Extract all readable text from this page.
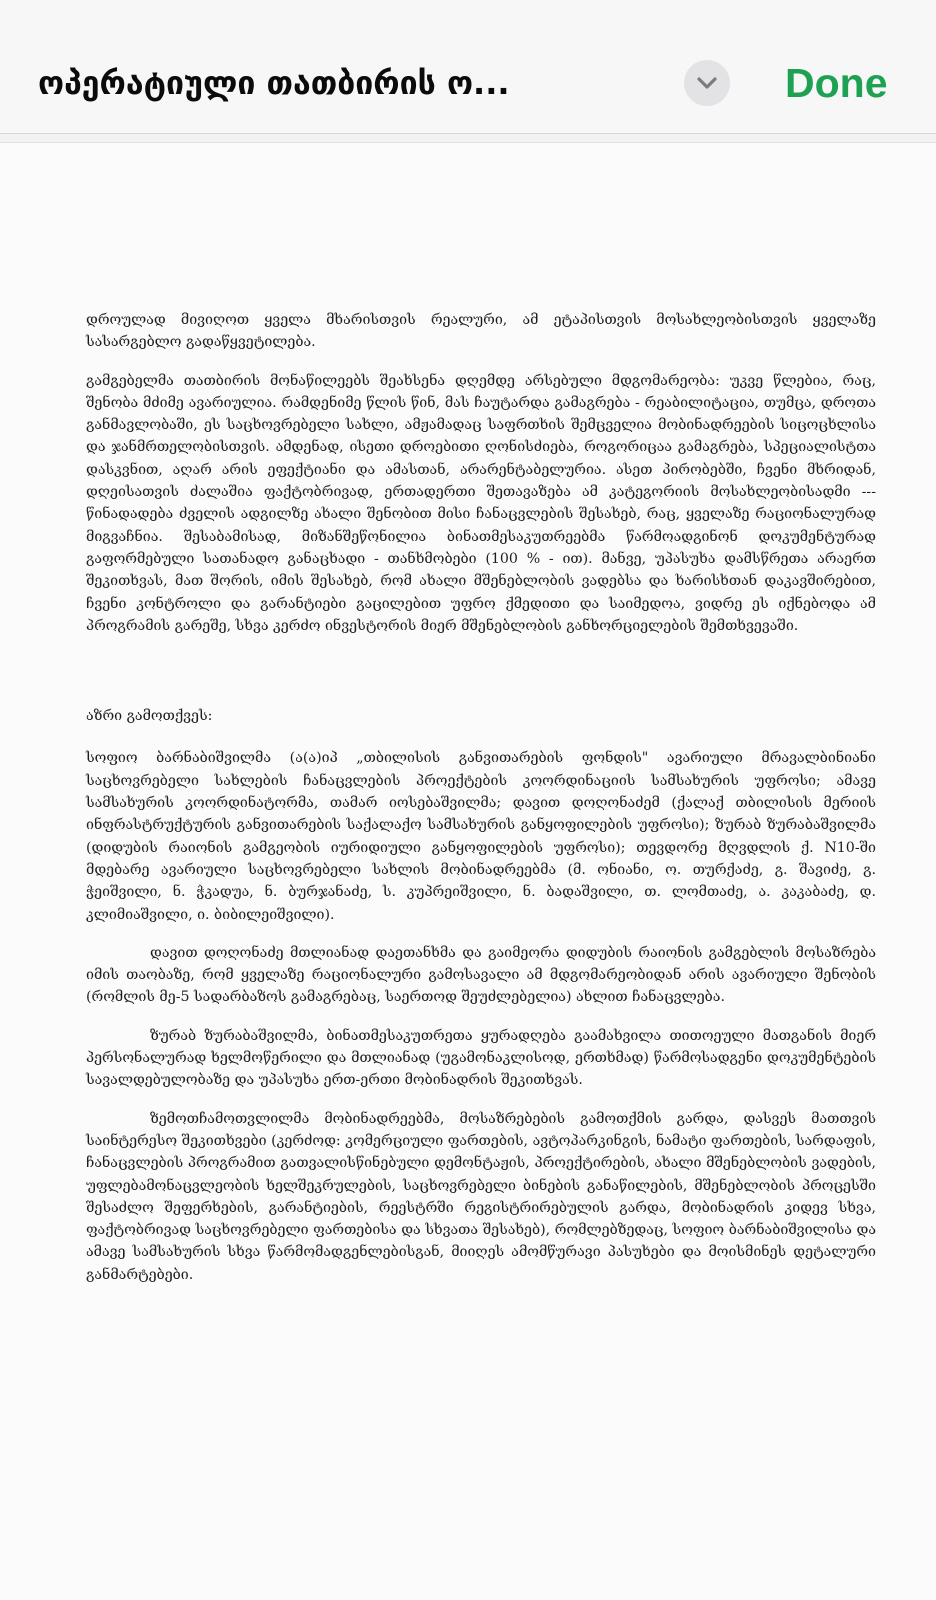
ოპერატიული თათბირის ო...	Done

დროულად მივიღოთ ყველა მხარისთვის რეალური, ამ ეტაპისთვის მოსახლეობისთვის ყველაზე სასარგებლო გადაწყვეტილება.

გამგებელმა თათბირის მონაწილეებს შეახსენა დღემდე არსებული მდგომარეობა: უკვე წლებია, რაც, შენობა მძიმე ავარიულია. რამდენიმე წლის წინ, მას ჩაუტარდა გამაგრება - რეაბილიტაცია, თუმცა, დროთა განმავლობაში, ეს საცხოვრებელი სახლი, ამჟამადაც საფრთხის შემცველია მობინადრეების სიცოცხლისა და ჯანმრთელობისთვის. ამდენად, ისეთი დროებითი ღონისძიება, როგორიცაა გამაგრება, სპეციალისტთა დასკვნით, აღარ არის ეფექტიანი და ამასთან, არარენტაბელურია. ასეთ პირობებში, ჩვენი მხრიდან, დღეისათვის ძალაშია ფაქტობრივად, ერთადერთი შეთავაზება ამ კატეგორიის მოსახლეობისადმი --- წინადადება ძველის ადგილზე ახალი შენობით მისი ჩანაცვლების შესახებ, რაც, ყველაზე რაციონალურად მიგვაჩნია. შესაბამისად, მიზანშეწონილია ბინათმესაკუთრეებმა წარმოადგინონ დოკუმენტურად გაფორმებული სათანადო განაცხადი - თანხმობები (100 % - ით). მანვე, უპასუხა დამსწრეთა არაერთ შეკითხვას, მათ შორის, იმის შესახებ, რომ ახალი მშენებლობის ვადებსა და ხარისხთან დაკავშირებით, ჩვენი კონტროლი და გარანტიები გაცილებით უფრო ქმედითი და საიმედოა, ვიდრე ეს იქნებოდა ამ პროგრამის გარეშე, სხვა კერძო ინვესტორის მიერ მშენებლობის განხორციელების შემთხვევაში.

აზრი გამოთქვეს:

სოფიო ბარნაბიშვილმა (ა(ა)იპ „თბილისის განვითარების ფონდის" ავარიული მრავალბინიანი საცხოვრებელი სახლების ჩანაცვლების პროექტების კოორდინაციის სამსახურის უფროსი; ამავე სამსახურის კოორდინატორმა, თამარ იოსებაშვილმა; დავით დოღონაძემ (ქალაქ თბილისის მერიის ინფრასტრუქტურის განვითარების საქალაქო სამსახურის განყოფილების უფროსი); ზურაბ ზურაბაშვილმა (დიდუბის რაიონის გამგეობის იურიდიული განყოფილების უფროსი); თევდორე მღვდლის ქ. N10-ში მდებარე ავარიული საცხოვრებელი სახლის მობინადრეებმა (მ. ონიანი, ო. თურქაძე, გ. შავიძე, გ. ჭეიშვილი, ნ. ჭკადუა, ნ. ბურჯანაძე, ს. კუპრეიშვილი, ნ. ბადაშვილი, თ. ლომთაძე, ა. კაკაბაძე, დ. კლიმიაშვილი, ი. ბიბილეიშვილი).

დავით დოღონაძე მთლიანად დაეთანხმა და გაიმეორა დიდუბის რაიონის გამგებლის მოსაზრება იმის თაობაზე, რომ ყველაზე რაციონალური გამოსავალი ამ მდგომარეობიდან არის ავარიული შენობის (რომლის მე-5 სადარბაზოს გამაგრებაც, საერთოდ შეუძლებელია) ახლით ჩანაცვლება.

ზურაბ ზურაბაშვილმა, ბინათმესაკუთრეთა ყურადღება გაამახვილა თითოეული მათგანის მიერ პერსონალურად ხელმოწერილი და მთლიანად (უგამონაკლისოდ, ერთხმად) წარმოსადგენი დოკუმენტების სავალდებულობაზე და უპასუხა ერთ-ერთი მობინადრის შეკითხვას.

ზემოთჩამოთვლილმა მობინადრეებმა, მოსაზრებების გამოთქმის გარდა, დასვეს მათთვის საინტერესო შეკითხვები (კერძოდ: კომერციული ფართების, ავტოპარკინგის, ნამატი ფართების, სარდაფის, ჩანაცვლების პროგრამით გათვალისწინებული დემონტაჟის, პროექტირების, ახალი მშენებლობის ვადების, უფლებამონაცვლეობის ხელშეკრულების, საცხოვრებელი ბინების განაწილების, მშენებლობის პროცესში შესაძლო შეფერხების, გარანტიების, რეესტრში რეგისტრირებულის გარდა, მობინადრის კიდევ სხვა, ფაქტობრივად საცხოვრებელი ფართებისა და სხვათა შესახებ), რომლებზედაც, სოფიო ბარნაბიშვილისა და ამავე სამსახურის სხვა წარმომადგენლებისგან, მიიღეს ამომწურავი პასუხები და მოისმინეს დეტალური განმარტებები.
